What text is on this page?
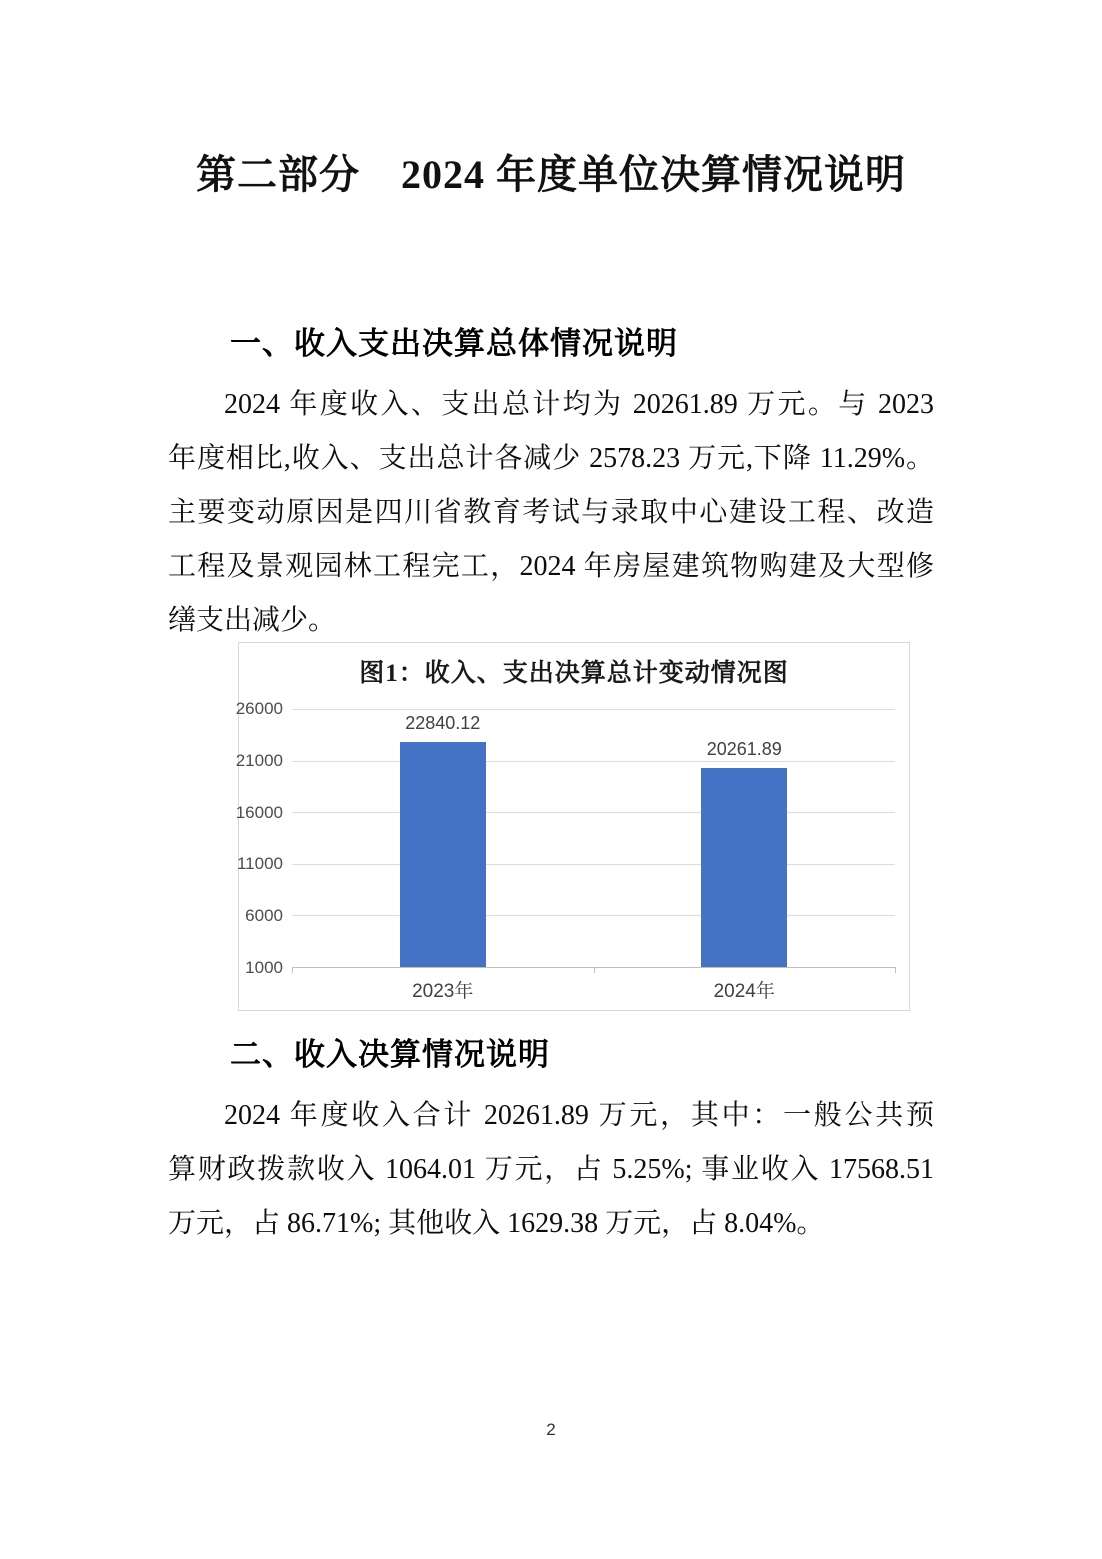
第二部分　2024 年度单位决算情况说明
一、收入支出决算总体情况说明
2024 年度收入、支出总计均为 20261.89 万元。与 2023
年度相比,收入、支出总计各减少 2578.23 万元,下降 11.29%。
主要变动原因是四川省教育考试与录取中心建设工程、改造
工程及景观园林工程完工，2024 年房屋建筑物购建及大型修
缮支出减少。
图1：收入、支出决算总计变动情况图
26000
21000
16000
11000
6000
1000
22840.12
20261.89
2023年	2024年
二、收入决算情况说明
2024 年度收入合计 20261.89 万元，其中：一般公共预
算财政拨款收入 1064.01 万元，占 5.25%; 事业收入 17568.51
万元，占 86.71%; 其他收入 1629.38 万元，占 8.04%。
2
